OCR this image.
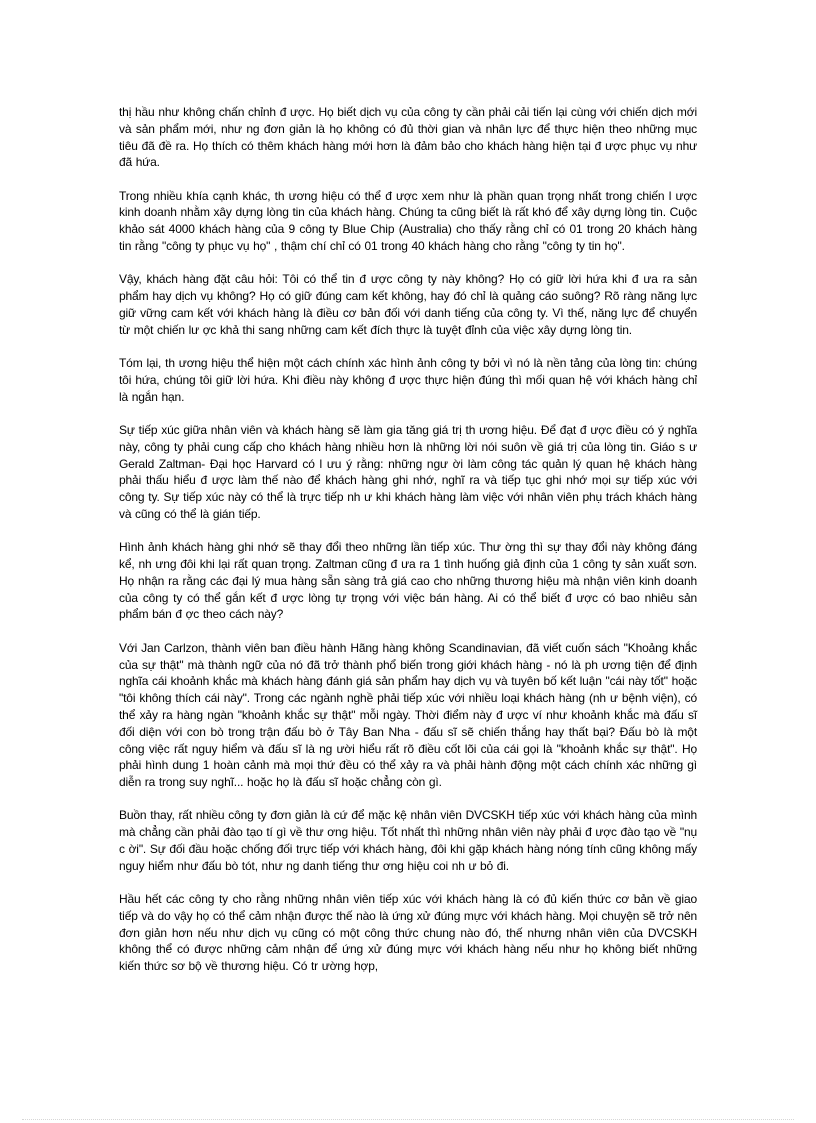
thị hầu như không chấn chỉnh đ ược. Họ biết dịch vụ của công ty cần phải cải tiến lại cùng với chiến dịch mới và sản phẩm mới, như ng đơn giản là họ không có đủ thời gian và nhân lực để thực hiện theo những mục tiêu đã đề ra. Họ thích có thêm khách hàng mới hơn là đảm bảo cho khách hàng hiện tại đ ược phục vụ như đã hứa.

Trong nhiều khía cạnh khác, th ương hiệu có thể đ ược xem như là phần quan trọng nhất trong chiến l ược kinh doanh nhằm xây dựng lòng tin của khách hàng. Chúng ta cũng biết là rất khó để xây dựng lòng tin. Cuộc khảo sát 4000 khách hàng của 9 công ty Blue Chip (Australia) cho thấy rằng chỉ có 01 trong 20 khách hàng tin rằng "công ty phục vụ họ" , thậm chí chỉ có 01 trong 40 khách hàng cho rằng "công ty tin họ".

Vậy, khách hàng đặt câu hỏi: Tôi có thể tin đ ược công ty này không? Họ có giữ lời hứa khi đ ưa ra sản phẩm hay dịch vụ không? Họ có giữ đúng cam kết không, hay đó chỉ là quảng cáo suông? Rõ ràng năng lực giữ vững cam kết với khách hàng là điều cơ bản đối với danh tiếng của công ty. Vì thế, năng lực để chuyển từ một chiến lư ợc khả thi sang những cam kết đích thực là tuyệt đỉnh của việc xây dựng lòng tin.

Tóm lại, th ương hiệu thể hiện một cách chính xác hình ảnh công ty bởi vì nó là nền tảng của lòng tin: chúng tôi hứa, chúng tôi giữ lời hứa. Khi điều này không đ ược thực hiện đúng thì mối quan hệ với khách hàng chỉ là ngắn hạn.

Sự tiếp xúc giữa nhân viên và khách hàng sẽ làm gia tăng giá trị th ương hiệu. Để đạt đ ược điều có ý nghĩa này, công ty phải cung cấp cho khách hàng nhiều hơn là những lời nói suôn về giá trị của lòng tin. Giáo s ư Gerald Zaltman- Đại học Harvard có l ưu ý rằng: những ngư ời làm công tác quản lý quan hệ khách hàng phải thấu hiểu đ ược làm thế nào để khách hàng ghi nhớ, nghĩ ra và tiếp tục ghi nhớ mọi sự tiếp xúc với công ty. Sự tiếp xúc này có thể là trực tiếp nh ư khi khách hàng làm việc với nhân viên phụ trách khách hàng và cũng có thể là gián tiếp.

Hình ảnh khách hàng ghi nhớ sẽ thay đổi theo những lần tiếp xúc. Thư ờng thì sự thay đổi này không đáng kể, nh ưng đôi khi lại rất quan trọng. Zaltman cũng đ ưa ra 1 tình huống giả định của 1 công ty sản xuất sơn. Họ nhận ra rằng các đại lý mua hàng sẵn sàng trả giá cao cho những thương hiệu mà nhận viên kinh doanh của công ty có thể gắn kết đ ược lòng tự trọng với việc bán hàng. Ai có thể biết đ ược có bao nhiêu sản phẩm bán đ ợc theo cách này?

Với Jan Carlzon, thành viên ban điều hành Hãng hàng không Scandinavian, đã viết cuốn sách "Khoảng khắc của sự thật" mà thành ngữ của nó đã trở thành phổ biến trong giới khách hàng - nó là ph ương tiện để định nghĩa cái khoảnh khắc mà khách hàng đánh giá sản phẩm hay dịch vụ và tuyên bố kết luận "cái này tốt" hoặc "tôi không thích cái này". Trong các ngành nghề phải tiếp xúc với nhiều loại khách hàng (nh ư bệnh viện), có thể xảy ra hàng ngàn "khoảnh khắc sự thật" mỗi ngày. Thời điểm này đ ược ví như khoảnh khắc mà đấu sĩ đối diện với con bò trong trận đấu bò ở Tây Ban Nha - đấu sĩ sẽ chiến thắng hay thất bại? Đấu bò là một công việc rất nguy hiểm và đấu sĩ là ng ười hiểu rất rõ điều cốt lõi của cái gọi là "khoảnh khắc sự thật". Họ phải hình dung 1 hoàn cảnh mà mọi thứ đều có thể xảy ra và phải hành động một cách chính xác những gì diễn ra trong suy nghĩ... hoặc họ là đấu sĩ hoặc chẳng còn gì.

Buồn thay, rất nhiều công ty đơn giản là cứ để mặc kệ nhân viên DVCSKH tiếp xúc với khách hàng của mình mà chẳng cần phải đào tạo tí gì về thư ơng hiệu. Tốt nhất thì những nhân viên này phải đ ược đào tạo về "nụ c ời". Sự đối đầu hoặc chống đối trực tiếp với khách hàng, đôi khi gặp khách hàng nóng tính cũng không mấy nguy hiểm như đấu bò tót, như ng danh tiếng thư ơng hiệu coi nh ư bỏ đi.

Hầu hết các công ty cho rằng những nhân viên tiếp xúc với khách hàng là có đủ kiến thức cơ bản về giao tiếp và do vậy họ có thể cảm nhận được thế nào là ứng xử đúng mực với khách hàng. Mọi chuyện sẽ trở nên đơn giản hơn nếu như dịch vụ cũng có một công thức chung nào đó, thế nhưng nhân viên của DVCSKH không thể có được những cảm nhận để ứng xử đúng mực với khách hàng nếu như họ không biết những kiến thức sơ bộ về thương hiệu. Có tr ường hợp,
